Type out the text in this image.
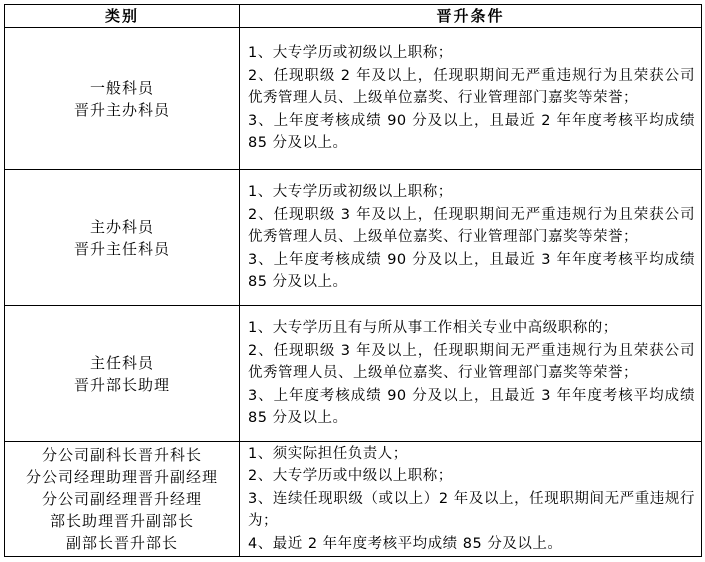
类别	晋升条件

一般科员
晋升主办科员	1、大专学历或初级以上职称；
2、任现职级 2 年及以上，任现职期间无严重违规行为且荣获公司优秀管理人员、上级单位嘉奖、行业管理部门嘉奖等荣誉；
3、上年度考核成绩 90 分及以上，且最近 2 年年度考核平均成绩 85 分及以上。

主办科员
晋升主任科员	1、大专学历或初级以上职称；
2、任现职级 3 年及以上，任现职期间无严重违规行为且荣获公司优秀管理人员、上级单位嘉奖、行业管理部门嘉奖等荣誉；
3、上年度考核成绩 90 分及以上，且最近 3 年年度考核平均成绩 85 分及以上。

主任科员
晋升部长助理	1、大专学历且有与所从事工作相关专业中高级职称的；
2、任现职级 3 年及以上，任现职期间无严重违规行为且荣获公司优秀管理人员、上级单位嘉奖、行业管理部门嘉奖等荣誉；
3、上年度考核成绩 90 分及以上，且最近 3 年年度考核平均成绩 85 分及以上。

分公司副科长晋升科长
分公司经理助理晋升副经理
分公司副经理晋升经理
部长助理晋升副部长
副部长晋升部长	1、须实际担任负责人；
2、大专学历或中级以上职称；
3、连续任现职级（或以上）2 年及以上，任现职期间无严重违规行为；
4、最近 2 年年度考核平均成绩 85 分及以上。
